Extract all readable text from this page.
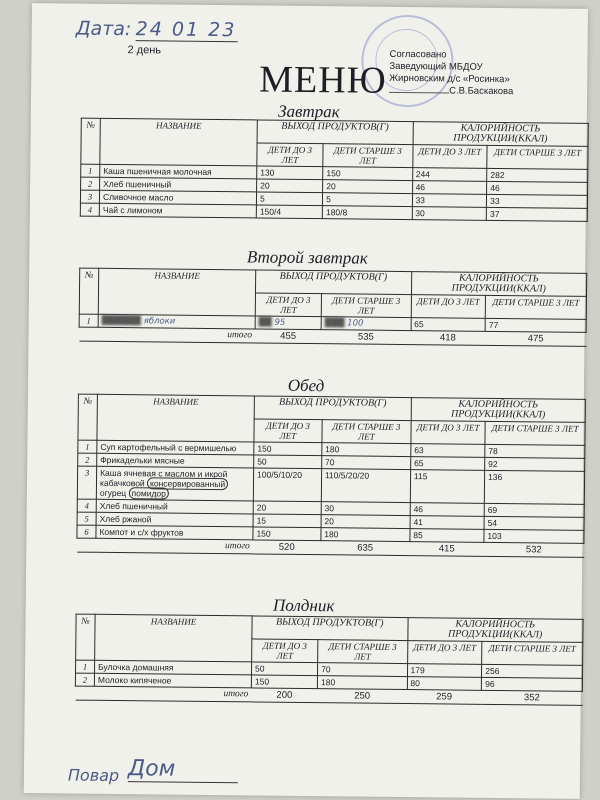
Дата: 24 01 23
2 день
МЕНЮ
Согласовано
Заведующий МБДОУ
Жирновским д/с «Росинка»
С.В.Баскакова
Завтрак
№	НАЗВАНИЕ	ВЫХОД ПРОДУКТОВ(Г)		КАЛОРИЙНОСТЬ ПРОДУКЦИИ(ККАЛ)	
		ДЕТИ ДО 3 ЛЕТ	ДЕТИ СТАРШЕ 3 ЛЕТ	ДЕТИ ДО 3 ЛЕТ	ДЕТИ СТАРШЕ 3 ЛЕТ
1	Каша пшеничная молочная	130	150	244	282
2	Хлеб пшеничный	20	20	46	46
3	Сливочное масло	5	5	33	33
4	Чай с лимоном	150/4	180/8	30	37
Второй завтрак
№	НАЗВАНИЕ	ВЫХОД ПРОДУКТОВ(Г)		КАЛОРИЙНОСТЬ ПРОДУКЦИИ(ККАЛ)	
		ДЕТИ ДО 3 ЛЕТ	ДЕТИ СТАРШЕ 3 ЛЕТ	ДЕТИ ДО 3 ЛЕТ	ДЕТИ СТАРШЕ 3 ЛЕТ
1	██████ яблоки	██ 95	███ 100	65	77
итого		455	535	418	475
Обед
№	НАЗВАНИЕ	ВЫХОД ПРОДУКТОВ(Г)		КАЛОРИЙНОСТЬ ПРОДУКЦИИ(ККАЛ)	
		ДЕТИ ДО 3 ЛЕТ	ДЕТИ СТАРШЕ 3 ЛЕТ	ДЕТИ ДО 3 ЛЕТ	ДЕТИ СТАРШЕ 3 ЛЕТ
1	Суп картофельный с вермишелью	150	180	63	78
2	Фрикадельки мясные	50	70	65	92
3	Каша ячневая с маслом и икрой кабачковой консервированный огурец помидор	100/5/10/20	110/5/20/20	115	136
4	Хлеб пшеничный	20	30	46	69
5	Хлеб ржаной	15	20	41	54
6	Компот и с/х фруктов	150	180	85	103
итого		520	635	415	532
Полдник
№	НАЗВАНИЕ	ВЫХОД ПРОДУКТОВ(Г)		КАЛОРИЙНОСТЬ ПРОДУКЦИИ(ККАЛ)	
		ДЕТИ ДО 3 ЛЕТ	ДЕТИ СТАРШЕ 3 ЛЕТ	ДЕТИ ДО 3 ЛЕТ	ДЕТИ СТАРШЕ 3 ЛЕТ
1	Булочка домашняя	50	70	179	256
2	Молоко кипяченое	150	180	80	96
итого		200	250	259	352
Повар Дом
